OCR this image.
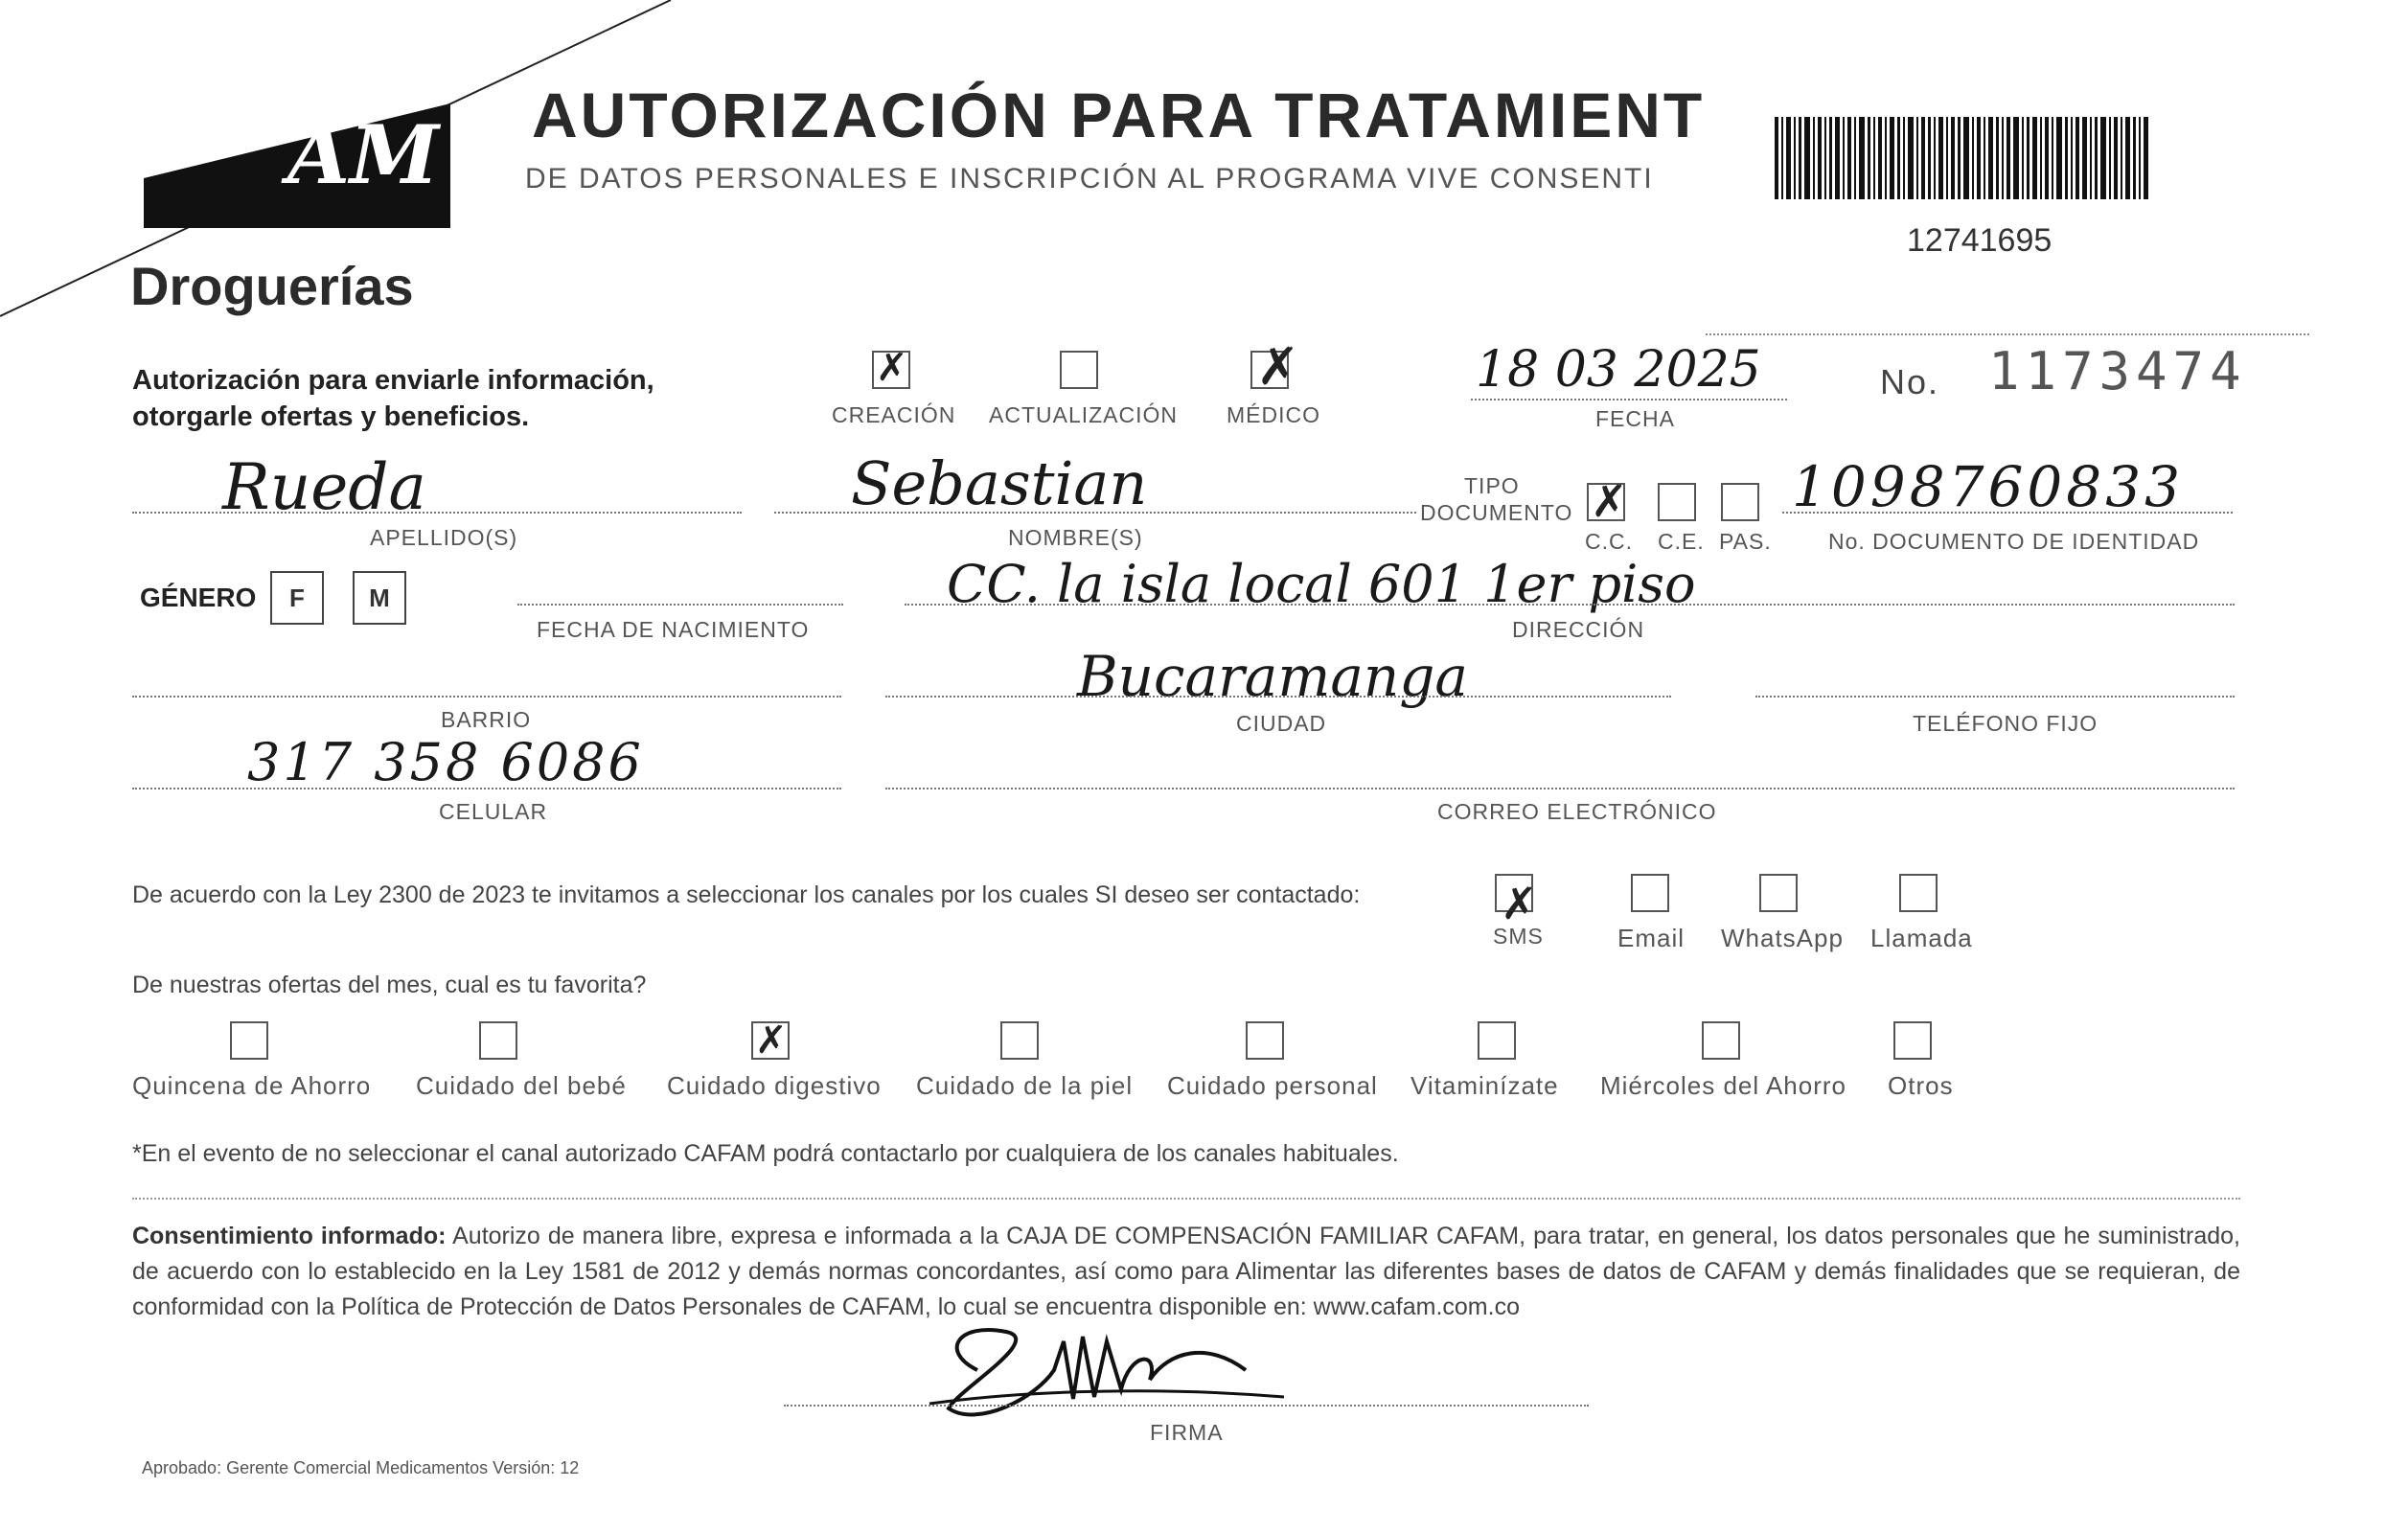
AM AUTORIZACIÓN PARA TRATAMIENT
DE DATOS PERSONALES E INSCRIPCIÓN AL PROGRAMA VIVE CONSENTI
Droguerías
12741695
Autorización para enviarle información,
otorgarle ofertas y beneficios.
✗
CREACIÓN ACTUALIZACIÓN
✗
MÉDICO
18 03 2025
FECHA
No. 1173474
Rueda
APELLIDO(S)
Sebastian
NOMBRE(S)
TIPO
DOCUMENTO ✗
C.C. C.E. PAS.
1098760833
No. DOCUMENTO DE IDENTIDAD
GÉNERO	F	M
FECHA DE NACIMIENTO
CC. la isla local 601 1er piso
DIRECCIÓN
BARRIO
Bucaramanga
CIUDAD	TELÉFONO FIJO
317 358 6086
CELULAR	CORREO ELECTRÓNICO
De acuerdo con la Ley 2300 de 2023 te invitamos a seleccionar los canales por los cuales SI deseo ser contactado:	✗
SMS	Email WhatsApp Llamada
De nuestras ofertas del mes, cual es tu favorita?
Quincena de Ahorro Cuidado del bebé
✗
Cuidado digestivo Cuidado de la piel Cuidado personal Vitaminízate Miércoles del Ahorro Otros
*En el evento de no seleccionar el canal autorizado CAFAM podrá contactarlo por cualquiera de los canales habituales.
Consentimiento informado: Autorizo de manera libre, expresa e informada a la CAJA DE COMPENSACIÓN FAMILIAR CAFAM, para tratar, en general, los datos personales que he suministrado, de acuerdo con lo establecido en la Ley 1581 de 2012 y demás normas concordantes, así como para Alimentar las diferentes bases de datos de CAFAM y demás finalidades que se requieran, de conformidad con la Política de Protección de Datos Personales de CAFAM, lo cual se encuentra disponible en: www.cafam.com.co
FIRMA
Aprobado: Gerente Comercial Medicamentos Versión: 12
